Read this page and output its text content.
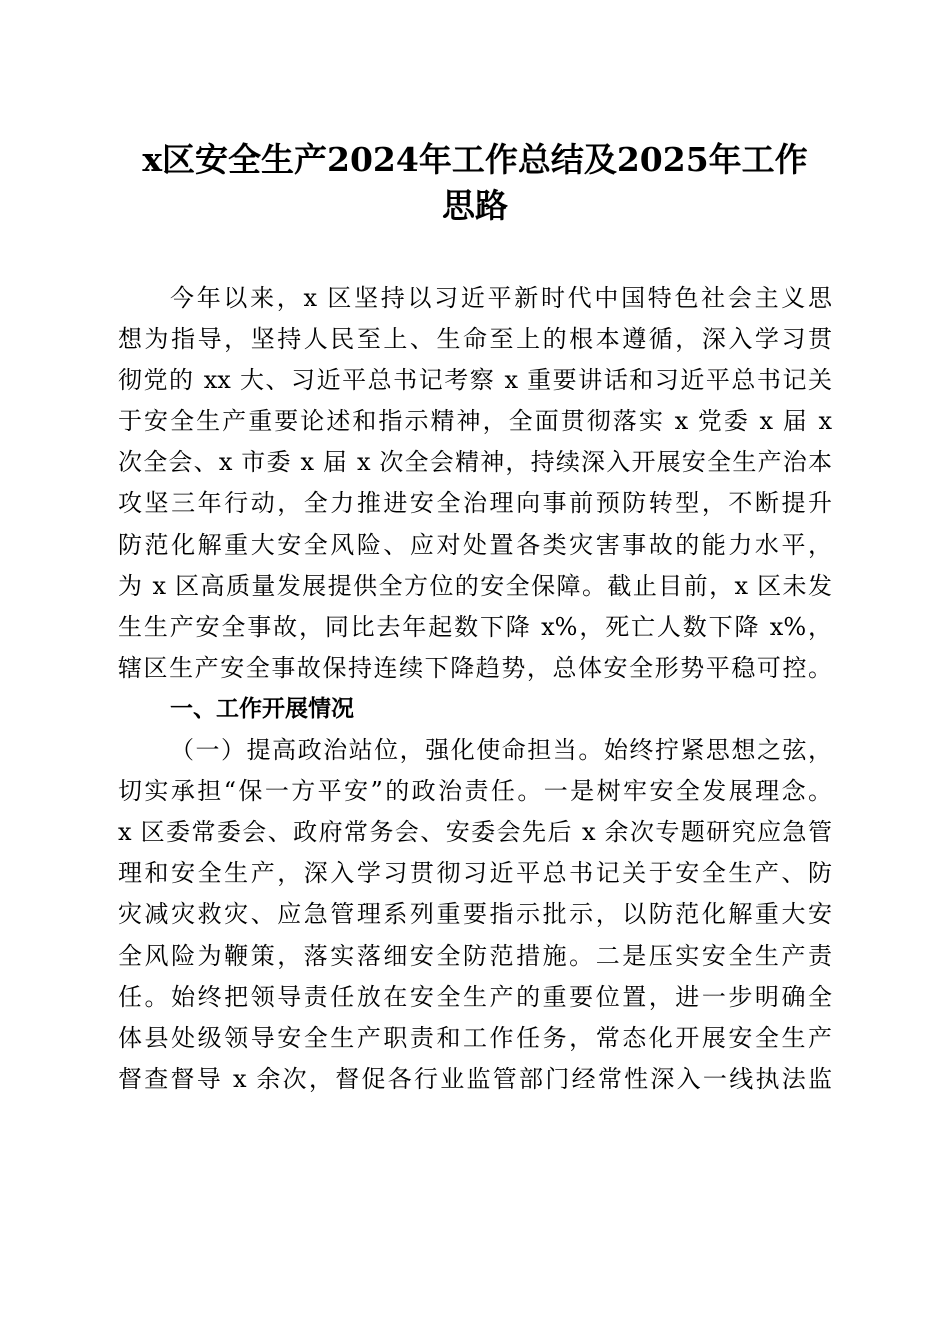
x区安全生产2024年工作总结及2025年工作
思路
今年以来，x 区坚持以习近平新时代中国特色社会主义思
想为指导，坚持人民至上、生命至上的根本遵循，深入学习贯
彻党的 xx 大、习近平总书记考察 x 重要讲话和习近平总书记关
于安全生产重要论述和指示精神，全面贯彻落实 x 党委 x 届 x
次全会、x 市委 x 届 x 次全会精神，持续深入开展安全生产治本
攻坚三年行动，全力推进安全治理向事前预防转型，不断提升
防范化解重大安全风险、应对处置各类灾害事故的能力水平，
为 x 区高质量发展提供全方位的安全保障。截止目前，x 区未发
生生产安全事故，同比去年起数下降 x%，死亡人数下降 x%，
辖区生产安全事故保持连续下降趋势，总体安全形势平稳可控。
一、工作开展情况
（一）提高政治站位，强化使命担当。始终拧紧思想之弦，
切实承担“保一方平安”的政治责任。一是树牢安全发展理念。
x 区委常委会、政府常务会、安委会先后 x 余次专题研究应急管
理和安全生产，深入学习贯彻习近平总书记关于安全生产、防
灾减灾救灾、应急管理系列重要指示批示，以防范化解重大安
全风险为鞭策，落实落细安全防范措施。二是压实安全生产责
任。始终把领导责任放在安全生产的重要位置，进一步明确全
体县处级领导安全生产职责和工作任务，常态化开展安全生产
督查督导 x 余次，督促各行业监管部门经常性深入一线执法监
